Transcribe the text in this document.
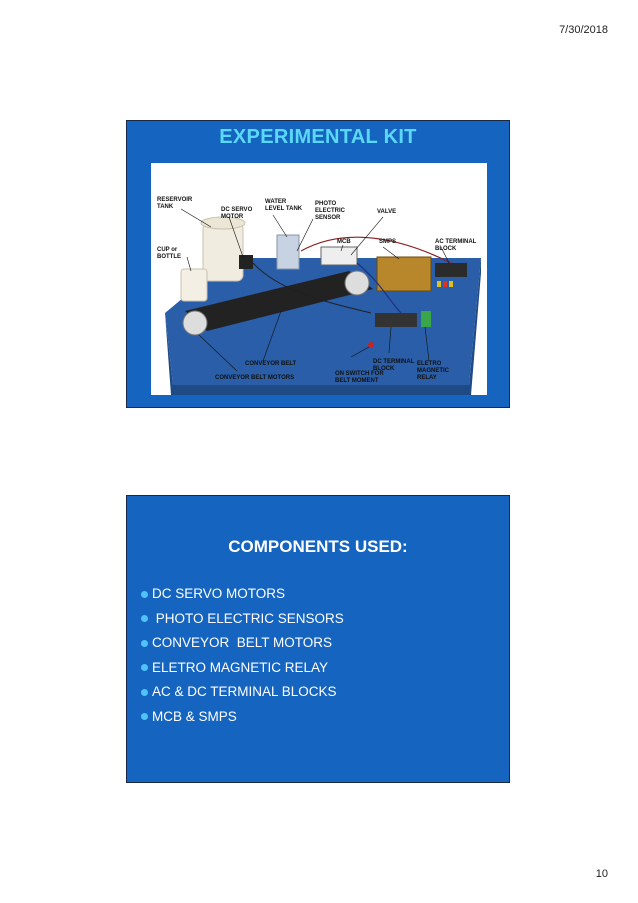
7/30/2018
EXPERIMENTAL KIT
RESERVOIR
TANK	DC SERVO
MOTOR
WATER
LEVEL TANK
PHOTO
ELECTRIC
SENSOR
VALVE
CUP or
BOTTLE
MCB	SMPS	AC TERMINAL
BLOCK
CONVEYOR BELT
CONVEYOR BELT MOTORS
ON SWITCH FOR
BELT MOMENT
DC TERMINAL
BLOCK
ELETRO
MAGNETIC
RELAY
COMPONENTS USED:
DC SERVO MOTORS
PHOTO ELECTRIC SENSORS
CONVEYOR  BELT MOTORS
ELETRO MAGNETIC RELAY
AC & DC TERMINAL BLOCKS
MCB & SMPS
10
